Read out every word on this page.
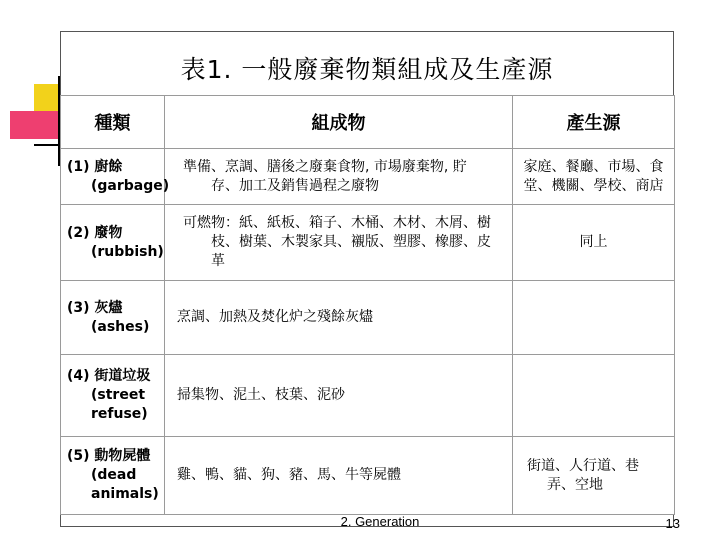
表1. 一般廢棄物類組成及生產源
種類	組成物	產生源
(1) 廚餘
(garbage)	準備、烹調、膳後之廢棄食物, 市場廢棄物, 貯存、加工及銷售過程之廢物	家庭、餐廳、市場、食堂、機關、學校、商店
(2) 廢物
(rubbish)	可燃物：紙、紙板、箱子、木桶、木材、木屑、樹枝、樹葉、木製家具、襯版、塑膠、橡膠、皮革	同上
(3) 灰燼
(ashes)	烹調、加熱及焚化炉之殘餘灰燼	
(4) 街道垃圾
(street refuse)	掃集物、泥土、枝葉、泥砂	
(5) 動物屍體
(dead animals)	雞、鴨、貓、狗、豬、馬、牛等屍體	街道、人行道、巷弄、空地
2. Generation	13
